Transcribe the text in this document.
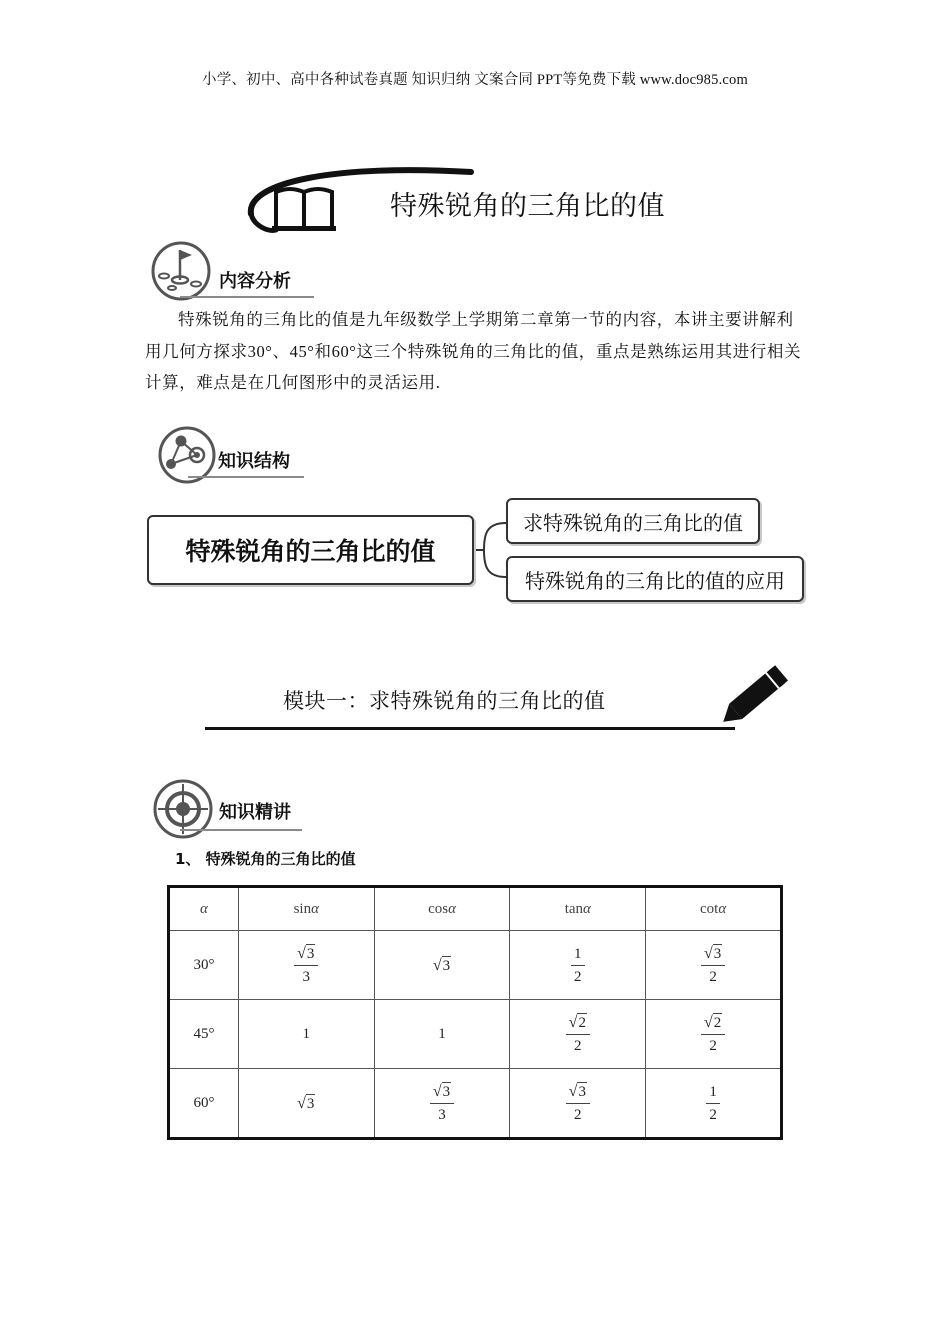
小学、初中、高中各种试卷真题 知识归纳 文案合同 PPT等免费下载 www.doc985.com
特殊锐角的三角比的值
内容分析
特殊锐角的三角比的值是九年级数学上学期第二章第一节的内容，本讲主要讲解利用几何方探求30°、45°和60°这三个特殊锐角的三角比的值，重点是熟练运用其进行相关计算，难点是在几何图形中的灵活运用.
知识结构
特殊锐角的三角比的值
求特殊锐角的三角比的值
特殊锐角的三角比的值的应用
模块一：求特殊锐角的三角比的值
知识精讲
1、 特殊锐角的三角比的值
α	sinα	cosα	tanα	cotα
30°	$\frac{√ 3}{3}$	√ 3	$\frac{1}{2}$	$\frac{√ 3}{2}$

45°	1	1	$\frac{√ 2}{2}$	$\frac{√ 2}{2}$

60°	√ 3	$\frac{√ 3}{3}$	$\frac{√ 3}{2}$	$\frac{1}{2}$
